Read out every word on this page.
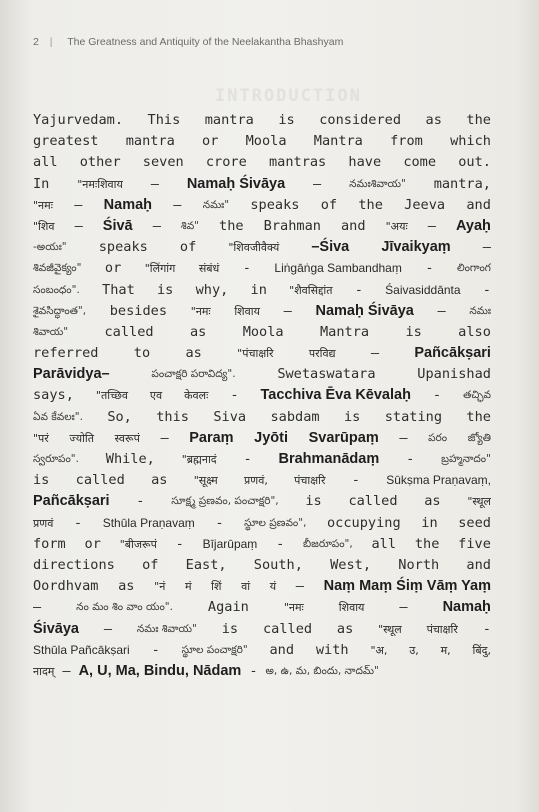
INTRODUCTION
2 | The Greatness and Antiquity of the Neelakantha Bhashyam
Yajurvedam. This mantra is considered as the
greatest mantra or Moola Mantra from which
all other seven crore mantras have come out.
In	"नमःशिवाय – Namaḥ Śivāya –	నమఃశివాయ" mantra,
"नमः – Namaḥ – నమః" speaks of the Jeeva and
"शिव – Śivā – శివ" the Brahman and "अयः – Ayaḥ
-అయః" speaks of	"शिवजीवैक्यं –Śiva Jīvaikyaṃ –
శివజీవైక్యం" or "लिंगांग संबंधं - Liṅgāṅga Sambandhaṃ - లింగాంగ
సంబంధం". That is why, in "शैवसिद्दांत - Śaivasiddānta -
శైవసిద్ధాంత", besides "नमः शिवाय – Namaḥ Śivāya – నమః
శివాయ"	called	as	Moola	Mantra	is	also
referred	to	as	"पंचाक्षरि	परविद्य	– Pañcākṣari
Parāvidya–	పంచాక్షరి పరావిద్య".	Swetaswatara	Upanishad
says, "तच्छिव एव केवलः - Tacchiva Ēva Kēvalaḥ - తచ్ఛివ
ఏవ కేవలః". So, this Siva sabdam is stating the
"परं ज्योति स्वरूपं – Paraṃ Jyōti Svarūpaṃ – పరం జ్యోతి
స్వరూపం". While, "ब्रह्मनादं - Brahmanādaṃ -	బ్రహ్మనాదం"
is called as "सूक्ष्म प्रणवं, पंचाक्षरि - Sūkṣma Praṇavaṃ,
Pañcākṣari -	సూక్ష్మ ప్రణవం, పంచాక్షరి", is called as "स्थूल
प्रणवं - Sthūla Praṇavaṃ - స్థూల ప్రణవం", occupying in seed
form or "बीजरूपं - Bījarūpaṃ - బీజరూపం", all the five
directions of East, South, West, North and
Oordhvam as "नं मं शिं वां यं – Naṃ Maṃ Śiṃ Vāṃ Yaṃ
–	నం మం శిం వాం యం".	Again	"नमः	शिवाय	– Namaḥ
Śivāya – నమః శివాయ" is called as "स्थूल पंचाक्षरि -
Sthūla Pañcākṣari - స్థూల పంచాక్షరి" and with "अ, उ, म, बिंदु,
नादम् – A, U, Ma, Bindu, Nādam - అ, ఉ, మ, బిందు, నాదమ్"
